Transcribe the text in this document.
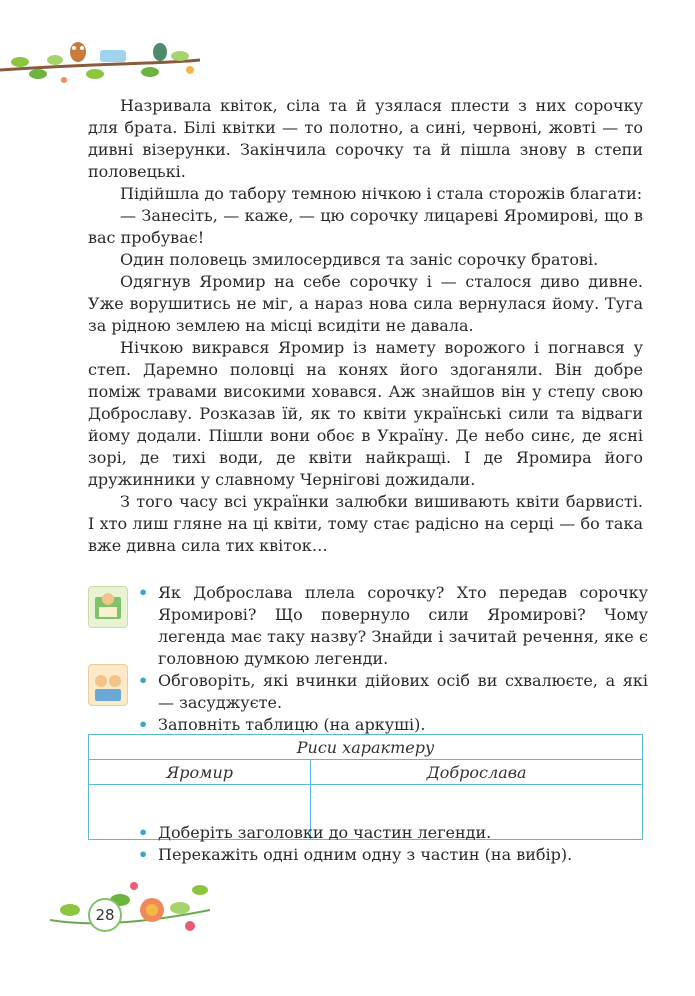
Назривала квіток, сіла та й узялася плести з них сорочку для брата. Білі квітки — то полотно, а сині, червоні, жовті — то дивні візерунки. Закінчила сорочку та й пішла знову в степи половецькі.

Підійшла до табору темною нічкою і стала сторожів благати:

— Занесіть, — каже, — цю сорочку лицареві Яромирові, що в вас пробуває!

Один половець змилосердився та заніс сорочку братові.

Одягнув Яромир на себе сорочку і — сталося диво дивне. Уже ворушитись не міг, а нараз нова сила вернулася йому. Туга за рідною землею на місці всидіти не давала.

Нічкою викрався Яромир із намету ворожого і погнався у степ. Даремно половці на конях його здоганяли. Він добре поміж травами високими ховався. Аж знайшов він у степу свою Доброславу. Розказав їй, як то квіти українські сили та відваги йому додали. Пішли вони обоє в Україну. Де небо синє, де ясні зорі, де тихі води, де квіти найкращі. І де Яромира його дружинники у славному Чернігові дожидали.

З того часу всі українки залюбки вишивають квіти барвисті. І хто лиш гляне на ці квіти, тому стає радісно на серці — бо така вже дивна сила тих квіток…

• Як Доброслава плела сорочку? Хто передав сорочку Яромирові? Що повернуло сили Яромирові? Чому легенда має таку назву? Знайди і зачитай речення, яке є головною думкою легенди.
• Обговоріть, які вчинки дійових осіб ви схвалюєте, а які — засуджуєте.
• Заповніть таблицю (на аркуші).
Риси характеру	
Яромир	Доброслава

• Доберіть заголовки до частин легенди.
• Перекажіть одні одним одну з частин (на вибір).
28
